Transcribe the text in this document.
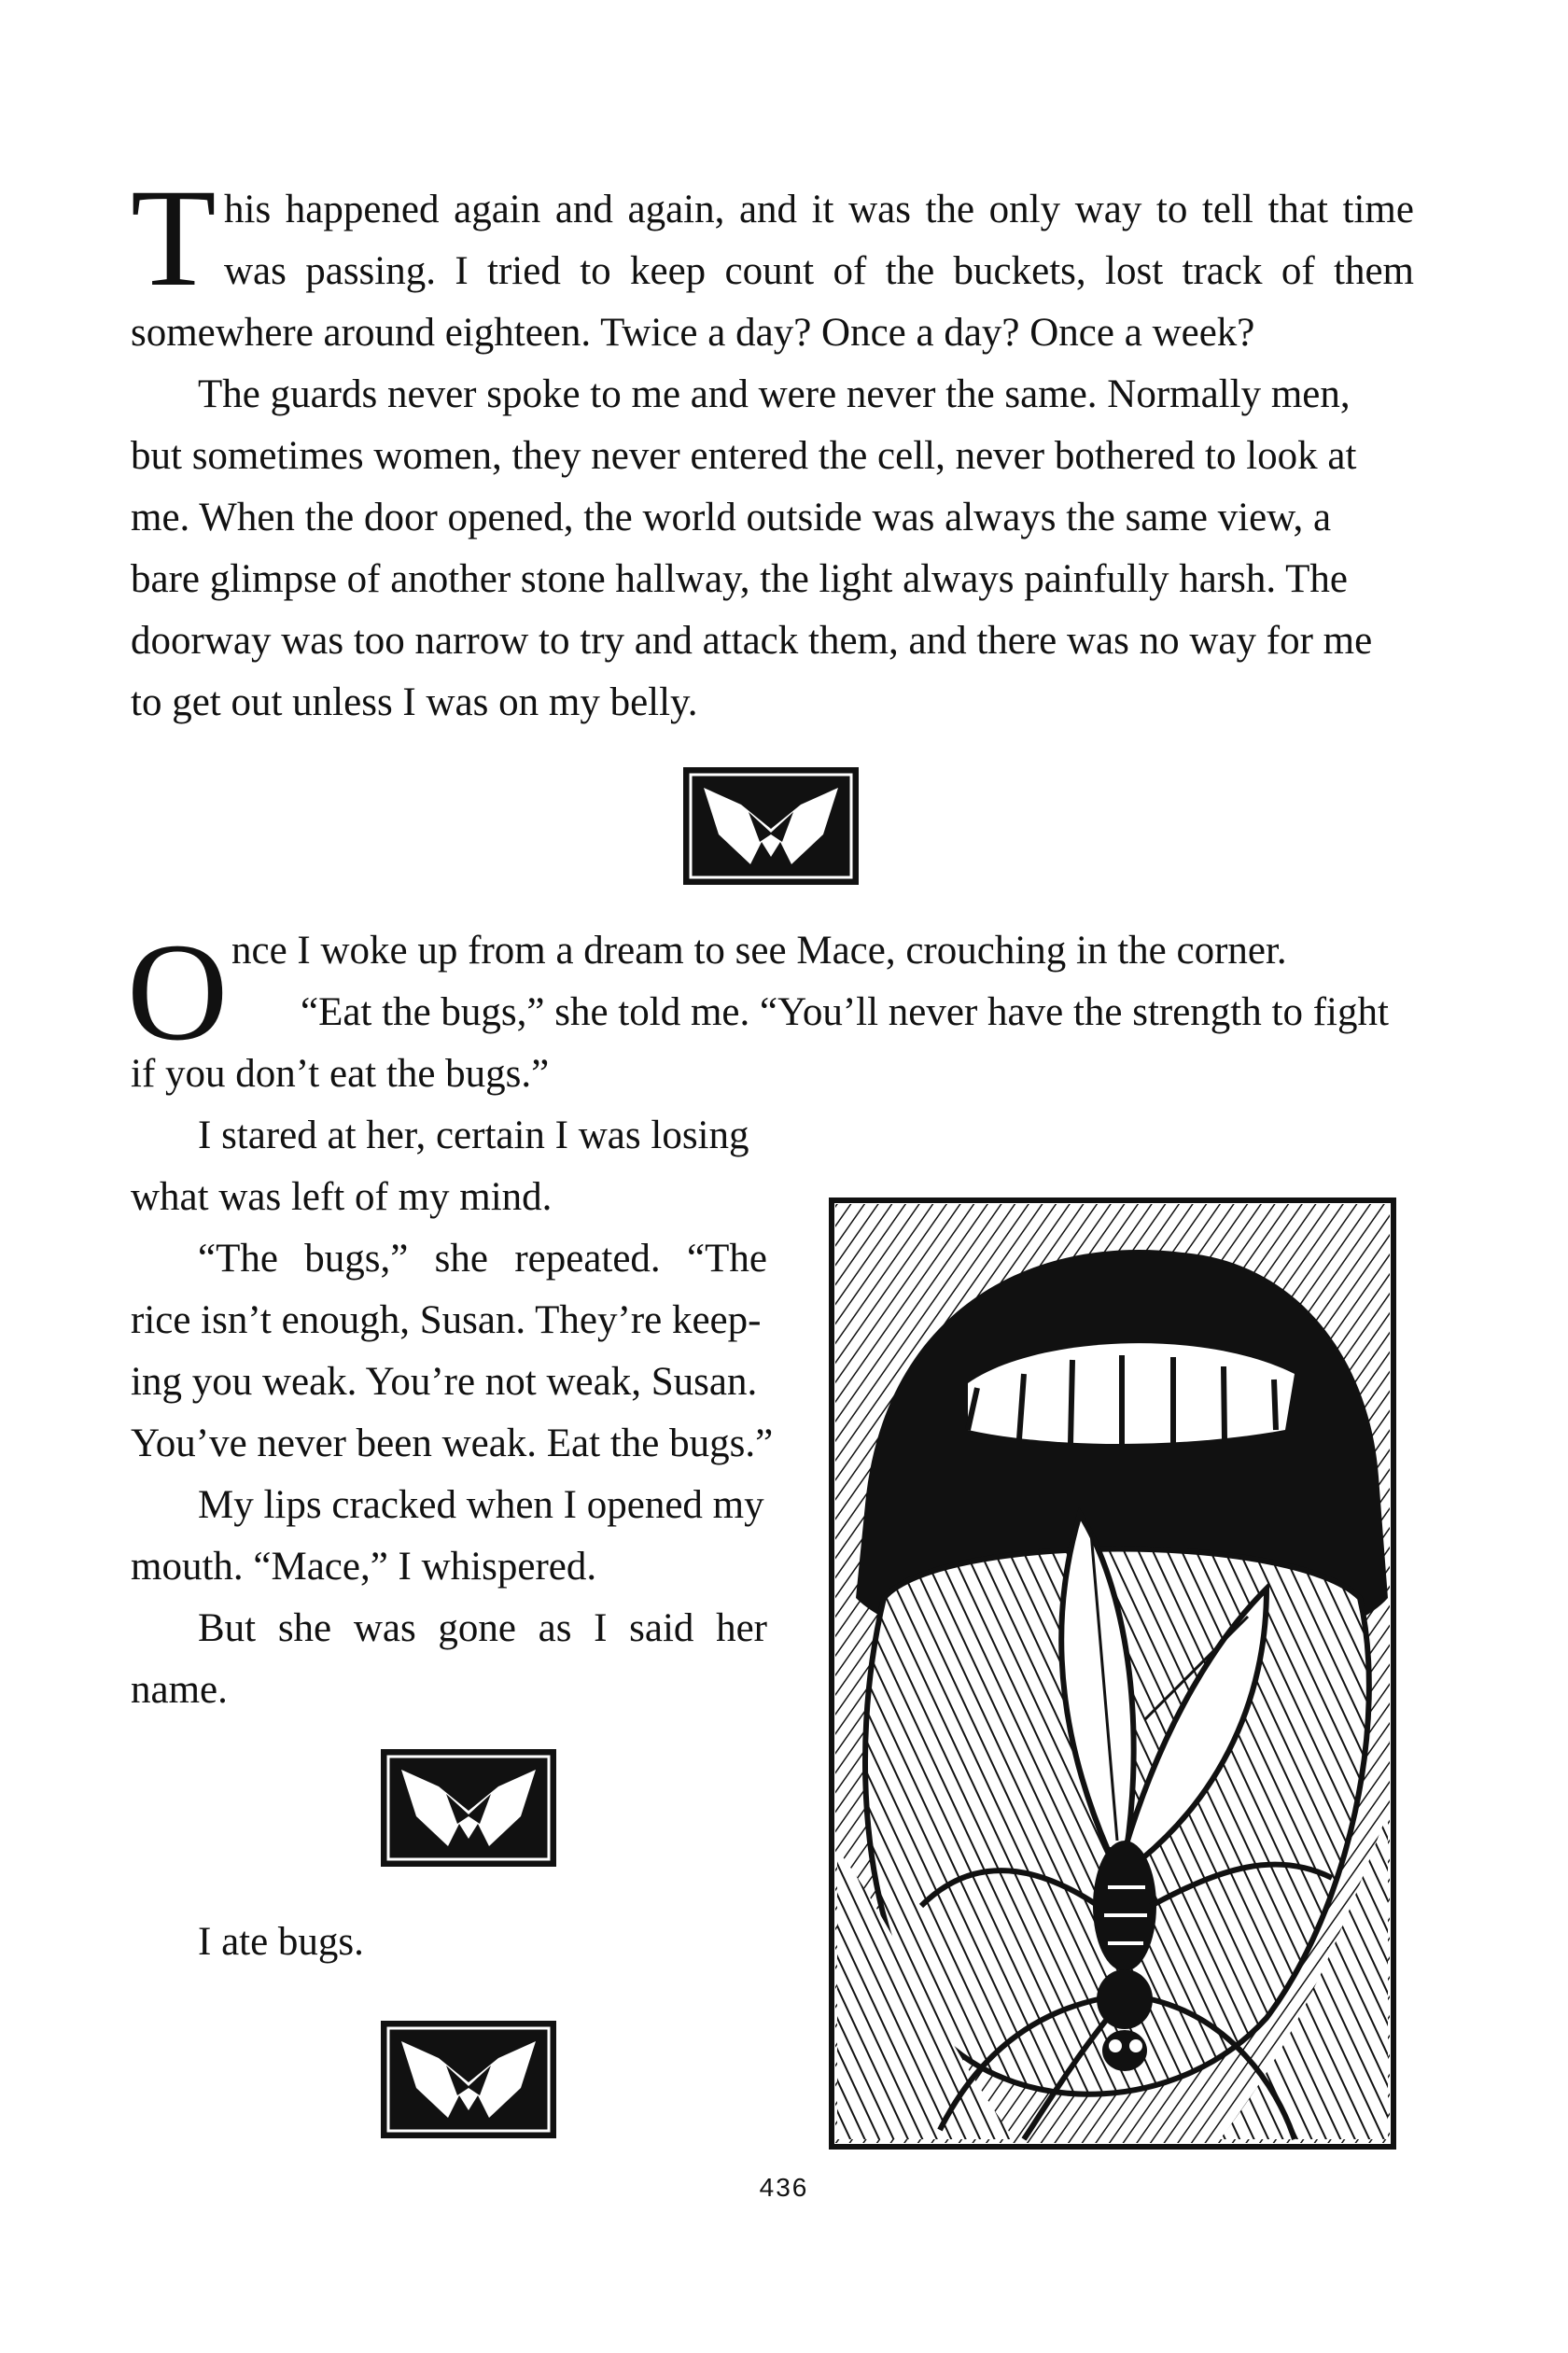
T his happened again and again, and it was the only way to tell that time
was passing. I tried to keep count of the buckets, lost track of them
somewhere around eighteen. Twice a day? Once a day? Once a week?
The guards never spoke to me and were never the same. Normally men,
but sometimes women, they never entered the cell, never bothered to look at
me. When the door opened, the world outside was always the same view, a
bare glimpse of another stone hallway, the light always painfully harsh. The
doorway was too narrow to try and attack them, and there was no way for me
to get out unless I was on my belly.
O nce I woke up from a dream to see Mace, crouching in the corner.
“Eat the bugs,” she told me. “You’ll never have the strength to fight
if you don’t eat the bugs.”
I stared at her, certain I was losing
what was left of my mind.
“The bugs,” she repeated. “The
rice isn’t enough, Susan. They’re keep-
ing you weak. You’re not weak, Susan.
You’ve never been weak. Eat the bugs.”
My lips cracked when I opened my
mouth. “Mace,” I whispered.
But she was gone as I said her
name.
I ate bugs.
436
